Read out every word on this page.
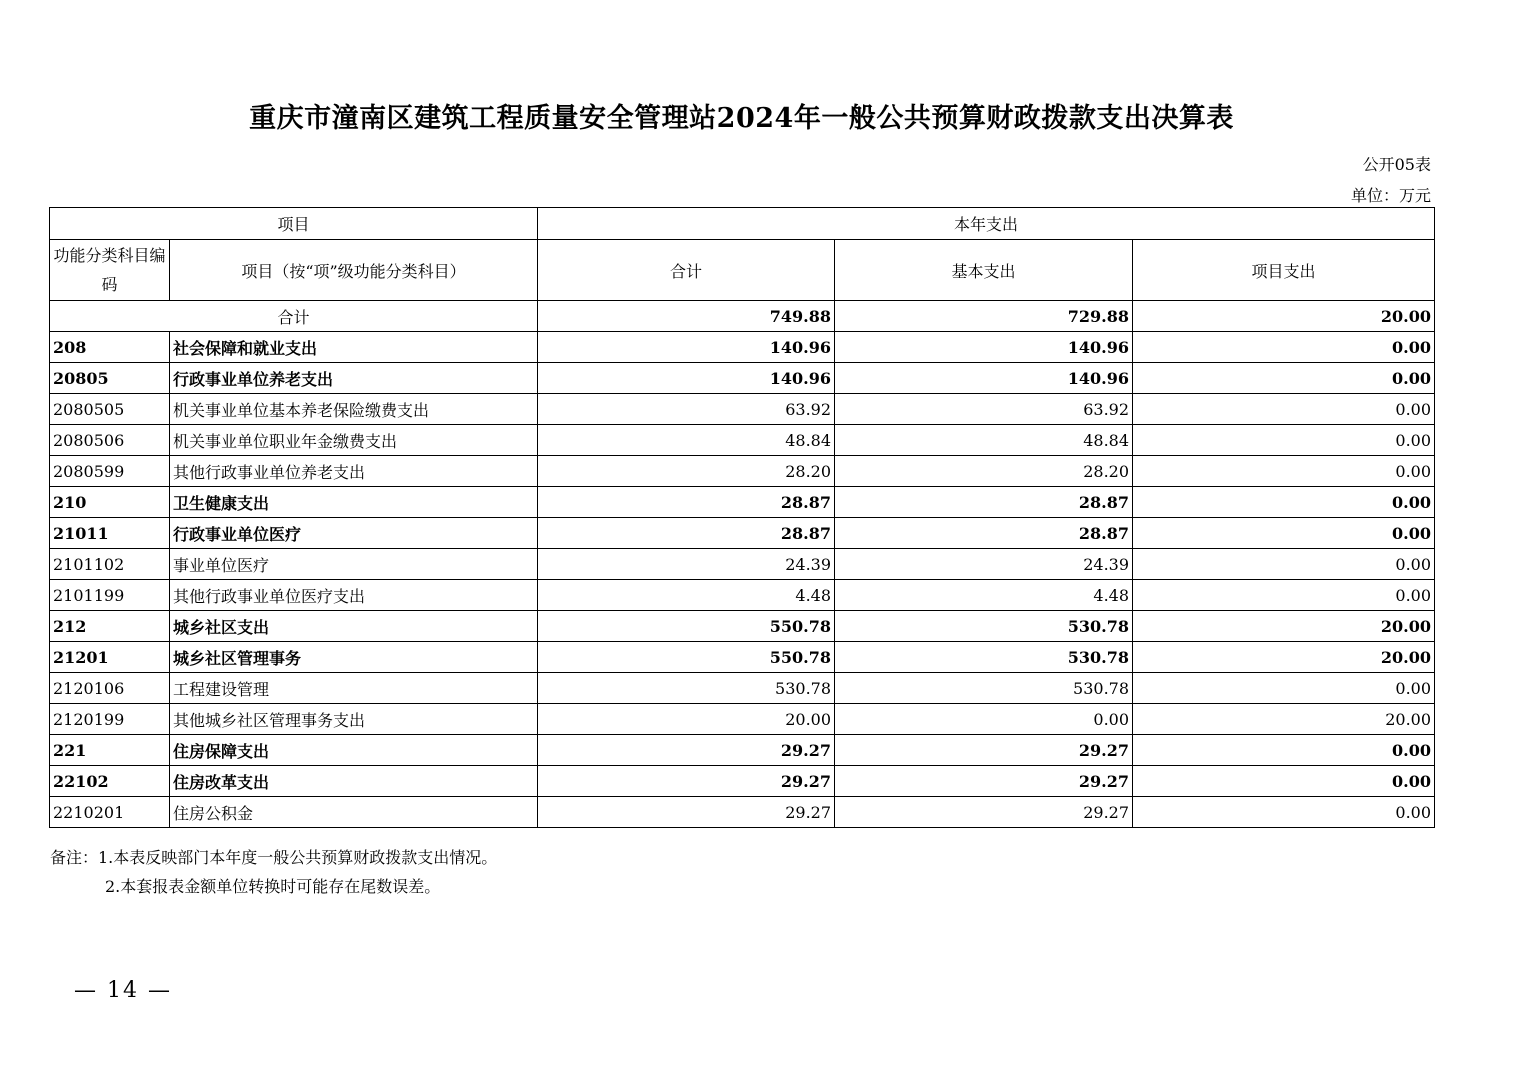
重庆市潼南区建筑工程质量安全管理站2024年一般公共预算财政拨款支出决算表
公开05表
单位：万元
项目		本年支出		
功能分类科目编码	项目（按“项”级功能分类科目）	合计	基本支出	项目支出
合计		749.88	729.88	20.00
208	社会保障和就业支出	140.96	140.96	0.00
20805	行政事业单位养老支出	140.96	140.96	0.00
2080505	机关事业单位基本养老保险缴费支出	63.92	63.92	0.00
2080506	机关事业单位职业年金缴费支出	48.84	48.84	0.00
2080599	其他行政事业单位养老支出	28.20	28.20	0.00
210	卫生健康支出	28.87	28.87	0.00
21011	行政事业单位医疗	28.87	28.87	0.00
2101102	事业单位医疗	24.39	24.39	0.00
2101199	其他行政事业单位医疗支出	4.48	4.48	0.00
212	城乡社区支出	550.78	530.78	20.00
21201	城乡社区管理事务	550.78	530.78	20.00
2120106	工程建设管理	530.78	530.78	0.00
2120199	其他城乡社区管理事务支出	20.00	0.00	20.00
221	住房保障支出	29.27	29.27	0.00
22102	住房改革支出	29.27	29.27	0.00
2210201	住房公积金	29.27	29.27	0.00
备注：1.本表反映部门本年度一般公共预算财政拨款支出情况。
2.本套报表金额单位转换时可能存在尾数误差。
— 14 —
